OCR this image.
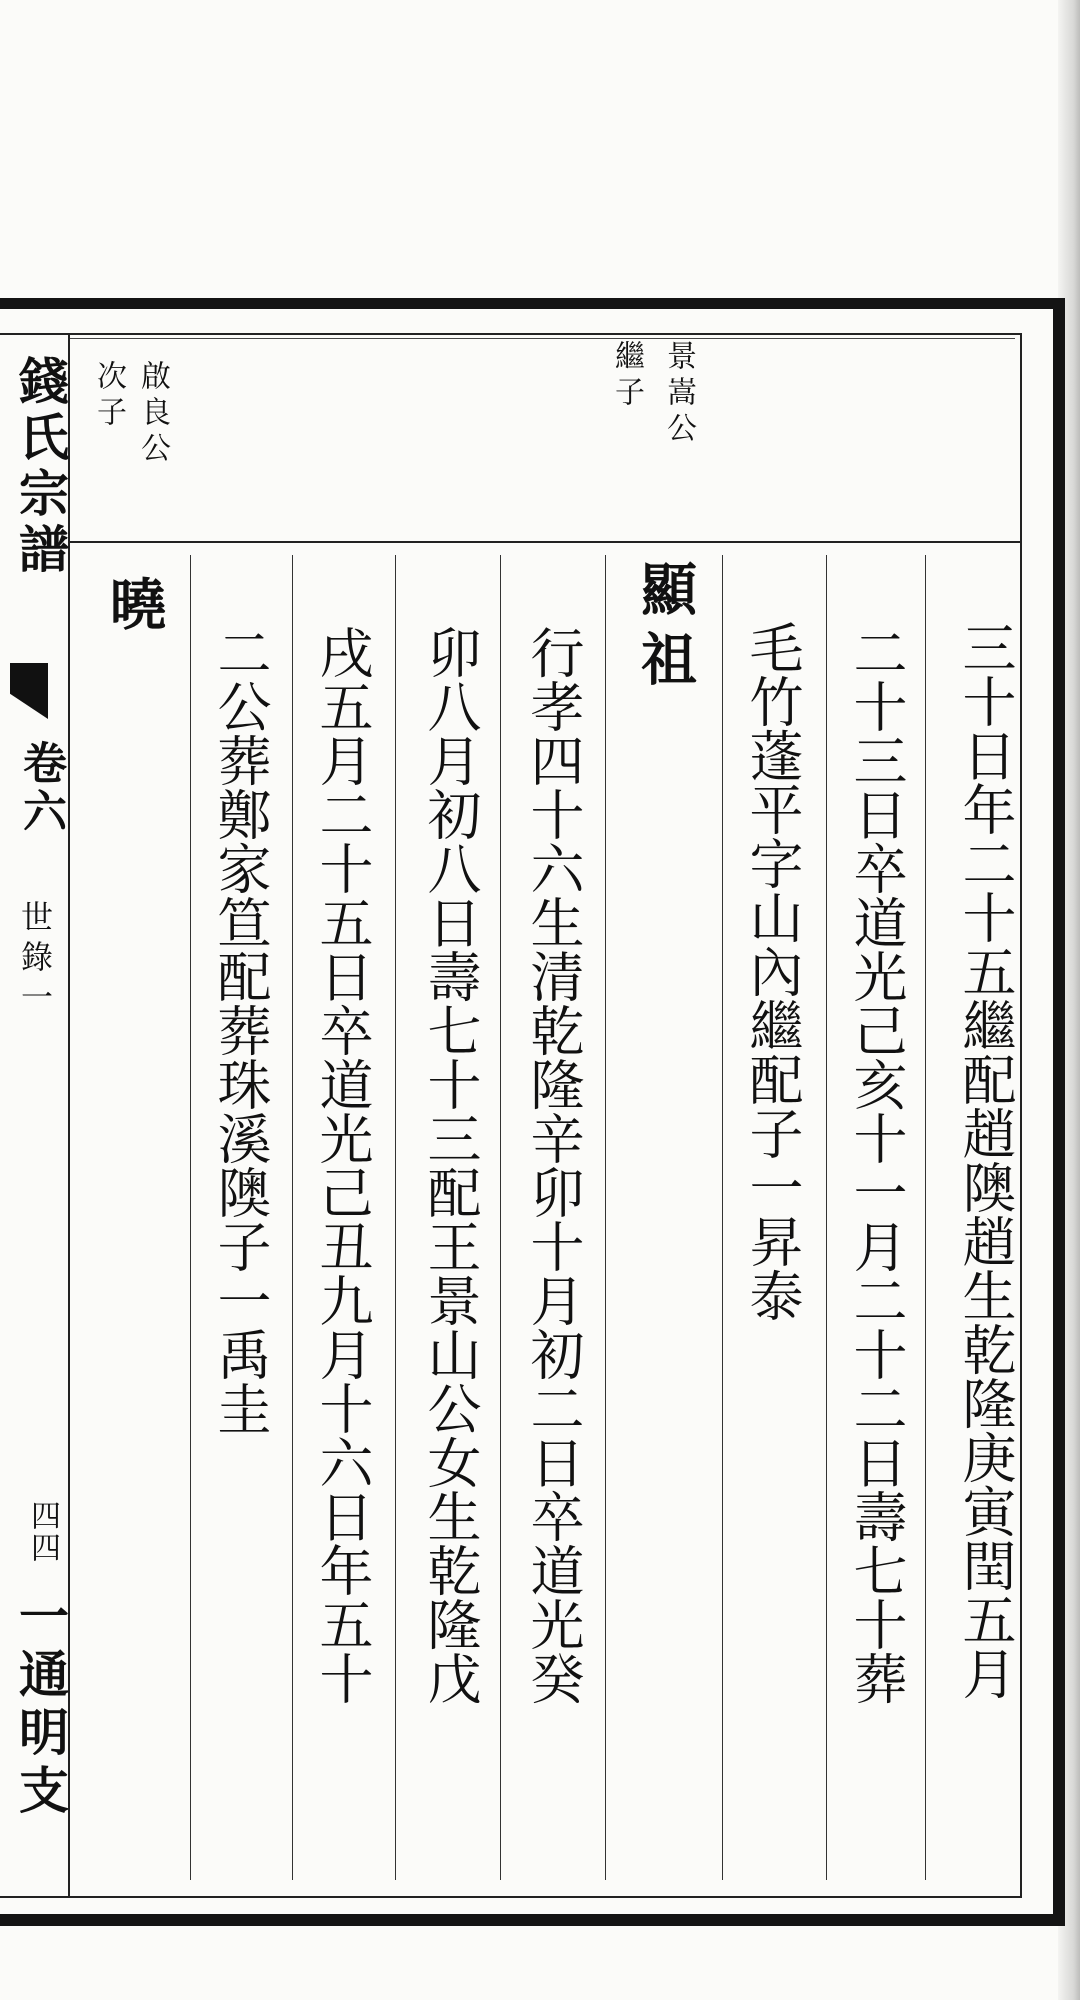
錢氏宗譜
卷六
世錄一
四四
一通明支
啟良公
次子	景嵩公
繼子
三十日年二十五繼配趙隩趙生乾隆庚寅閏五月
二十三日卒道光己亥十一月二十二日壽七十葬
毛竹蓬平字山內繼配子一昇泰
顯祖
行孝四十六生清乾隆辛卯十月初二日卒道光癸
卯八月初八日壽七十三配王景山公女生乾隆戊
戌五月二十五日卒道光己丑九月十六日年五十
二公葬鄭家笪配葬珠溪隩子一禹圭
曉
